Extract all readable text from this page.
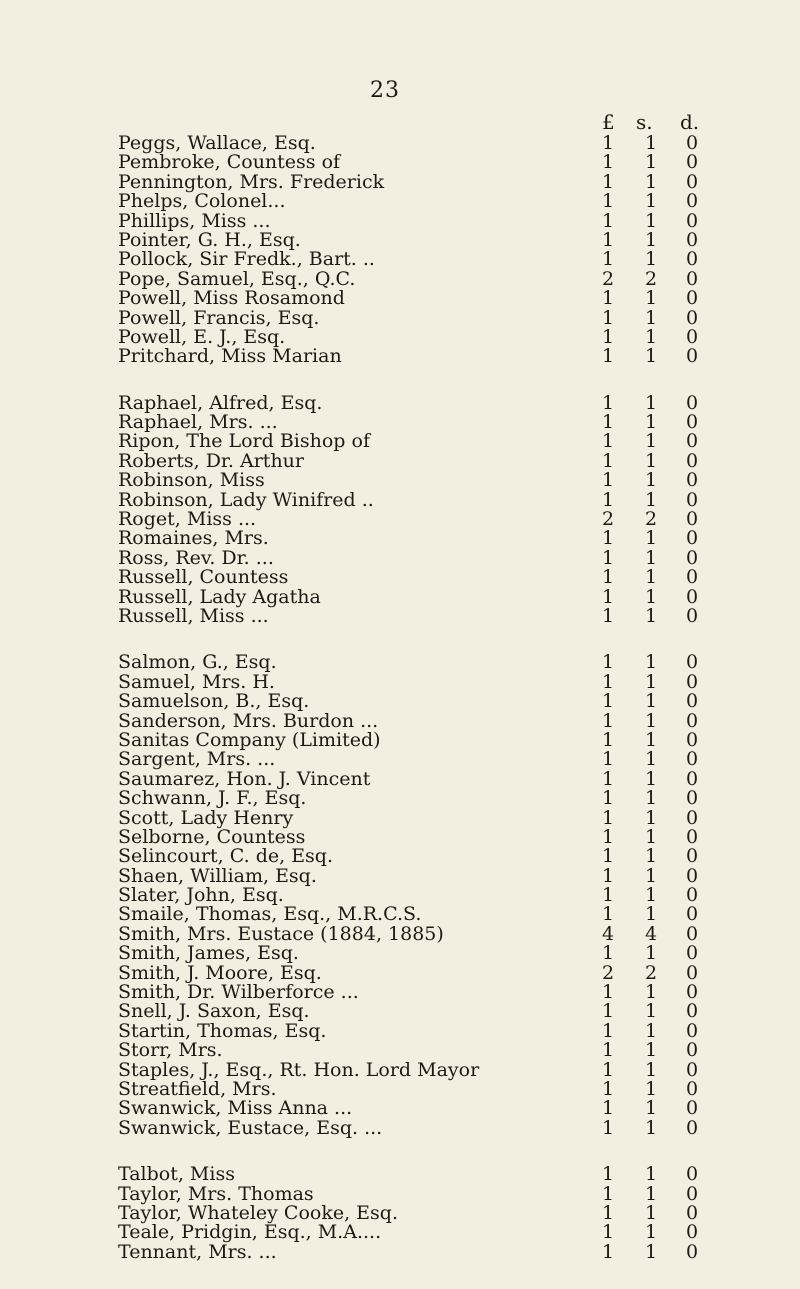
23
£ s. d.
Peggs, Wallace, Esq.	1	1	0
Pembroke, Countess of	1	1	0
Pennington, Mrs. Frederick	1	1	0
Phelps, Colonel...	1	1	0
Phillips, Miss ...	1	1	0
Pointer, G. H., Esq.	1	1	0
Pollock, Sir Fredk., Bart. ..	1	1	0
Pope, Samuel, Esq., Q.C.	2	2	0
Powell, Miss Rosamond	1	1	0
Powell, Francis, Esq.	1	1	0
Powell, E. J., Esq.	1	1	0
Pritchard, Miss Marian	1	1	0
Raphael, Alfred, Esq.	1	1	0
Raphael, Mrs. ...	1	1	0
Ripon, The Lord Bishop of	1	1	0
Roberts, Dr. Arthur	1	1	0
Robinson, Miss	1	1	0
Robinson, Lady Winifred ..	1	1	0
Roget, Miss ...	2	2	0
Romaines, Mrs.	1	1	0
Ross, Rev. Dr. ...	1	1	0
Russell, Countess	1	1	0
Russell, Lady Agatha	1	1	0
Russell, Miss ...	1	1	0
Salmon, G., Esq.	1	1	0
Samuel, Mrs. H.	1	1	0
Samuelson, B., Esq.	1	1	0
Sanderson, Mrs. Burdon ...	1	1	0
Sanitas Company (Limited)	1	1	0
Sargent, Mrs. ...	1	1	0
Saumarez, Hon. J. Vincent	1	1	0
Schwann, J. F., Esq.	1	1	0
Scott, Lady Henry	1	1	0
Selborne, Countess	1	1	0
Selincourt, C. de, Esq.	1	1	0
Shaen, William, Esq.	1	1	0
Slater, John, Esq.	1	1	0
Smaile, Thomas, Esq., M.R.C.S.	1	1	0
Smith, Mrs. Eustace (1884, 1885)	4	4	0
Smith, James, Esq.	1	1	0
Smith, J. Moore, Esq.	2	2	0
Smith, Dr. Wilberforce ...	1	1	0
Snell, J. Saxon, Esq.	1	1	0
Startin, Thomas, Esq.	1	1	0
Storr, Mrs.	1	1	0
Staples, J., Esq., Rt. Hon. Lord Mayor	1	1	0
Streatfield, Mrs.	1	1	0
Swanwick, Miss Anna ...	1	1	0
Swanwick, Eustace, Esq. ...	1	1	0
Talbot, Miss	1	1	0
Taylor, Mrs. Thomas	1	1	0
Taylor, Whateley Cooke, Esq.	1	1	0
Teale, Pridgin, Esq., M.A....	1	1	0
Tennant, Mrs. ...	1	1	0
